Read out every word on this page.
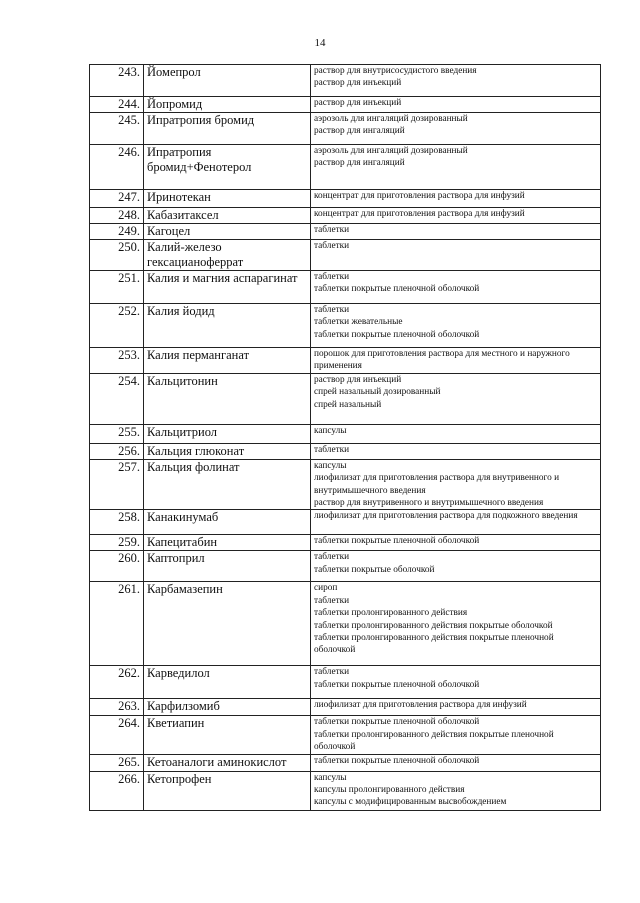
14
243.	Йомепрол	раствор для внутрисосудистого введения
раствор для инъекций

244.	Йопромид	раствор для инъекций

245.	Ипратропия бромид	аэрозоль для ингаляций дозированный
раствор для ингаляций

246.	Ипратропия бромид+Фенотерол	аэрозоль для ингаляций дозированный
раствор для ингаляций

247.	Иринотекан	концентрат для приготовления раствора для инфузий

248.	Кабазитаксел	концентрат для приготовления раствора для инфузий

249.	Кагоцел	таблетки

250.	Калий-железо гексацианоферрат	таблетки

251.	Калия и магния аспарагинат	таблетки
таблетки покрытые пленочной оболочкой

252.	Калия йодид	таблетки
таблетки жевательные
таблетки покрытые пленочной оболочкой

253.	Калия перманганат	порошок для приготовления раствора для местного и наружного применения

254.	Кальцитонин	раствор для инъекций
спрей назальный дозированный
спрей назальный

255.	Кальцитриол	капсулы

256.	Кальция глюконат	таблетки

257.	Кальция фолинат	капсулы
лиофилизат для приготовления раствора для внутривенного и внутримышечного введения
раствор для внутривенного и внутримышечного введения

258.	Канакинумаб	лиофилизат для приготовления раствора для подкожного введения

259.	Капецитабин	таблетки покрытые пленочной оболочкой

260.	Каптоприл	таблетки
таблетки покрытые оболочкой

261.	Карбамазепин	сироп
таблетки
таблетки пролонгированного действия
таблетки пролонгированного действия покрытые оболочкой
таблетки пролонгированного действия покрытые пленочной оболочкой

262.	Карведилол	таблетки
таблетки покрытые пленочной оболочкой

263.	Карфилзомиб	лиофилизат для приготовления раствора для инфузий

264.	Кветиапин	таблетки покрытые пленочной оболочкой
таблетки пролонгированного действия покрытые пленочной оболочкой

265.	Кетоаналоги аминокислот	таблетки покрытые пленочной оболочкой

266.	Кетопрофен	капсулы
капсулы пролонгированного действия
капсулы с модифицированным высвобождением
